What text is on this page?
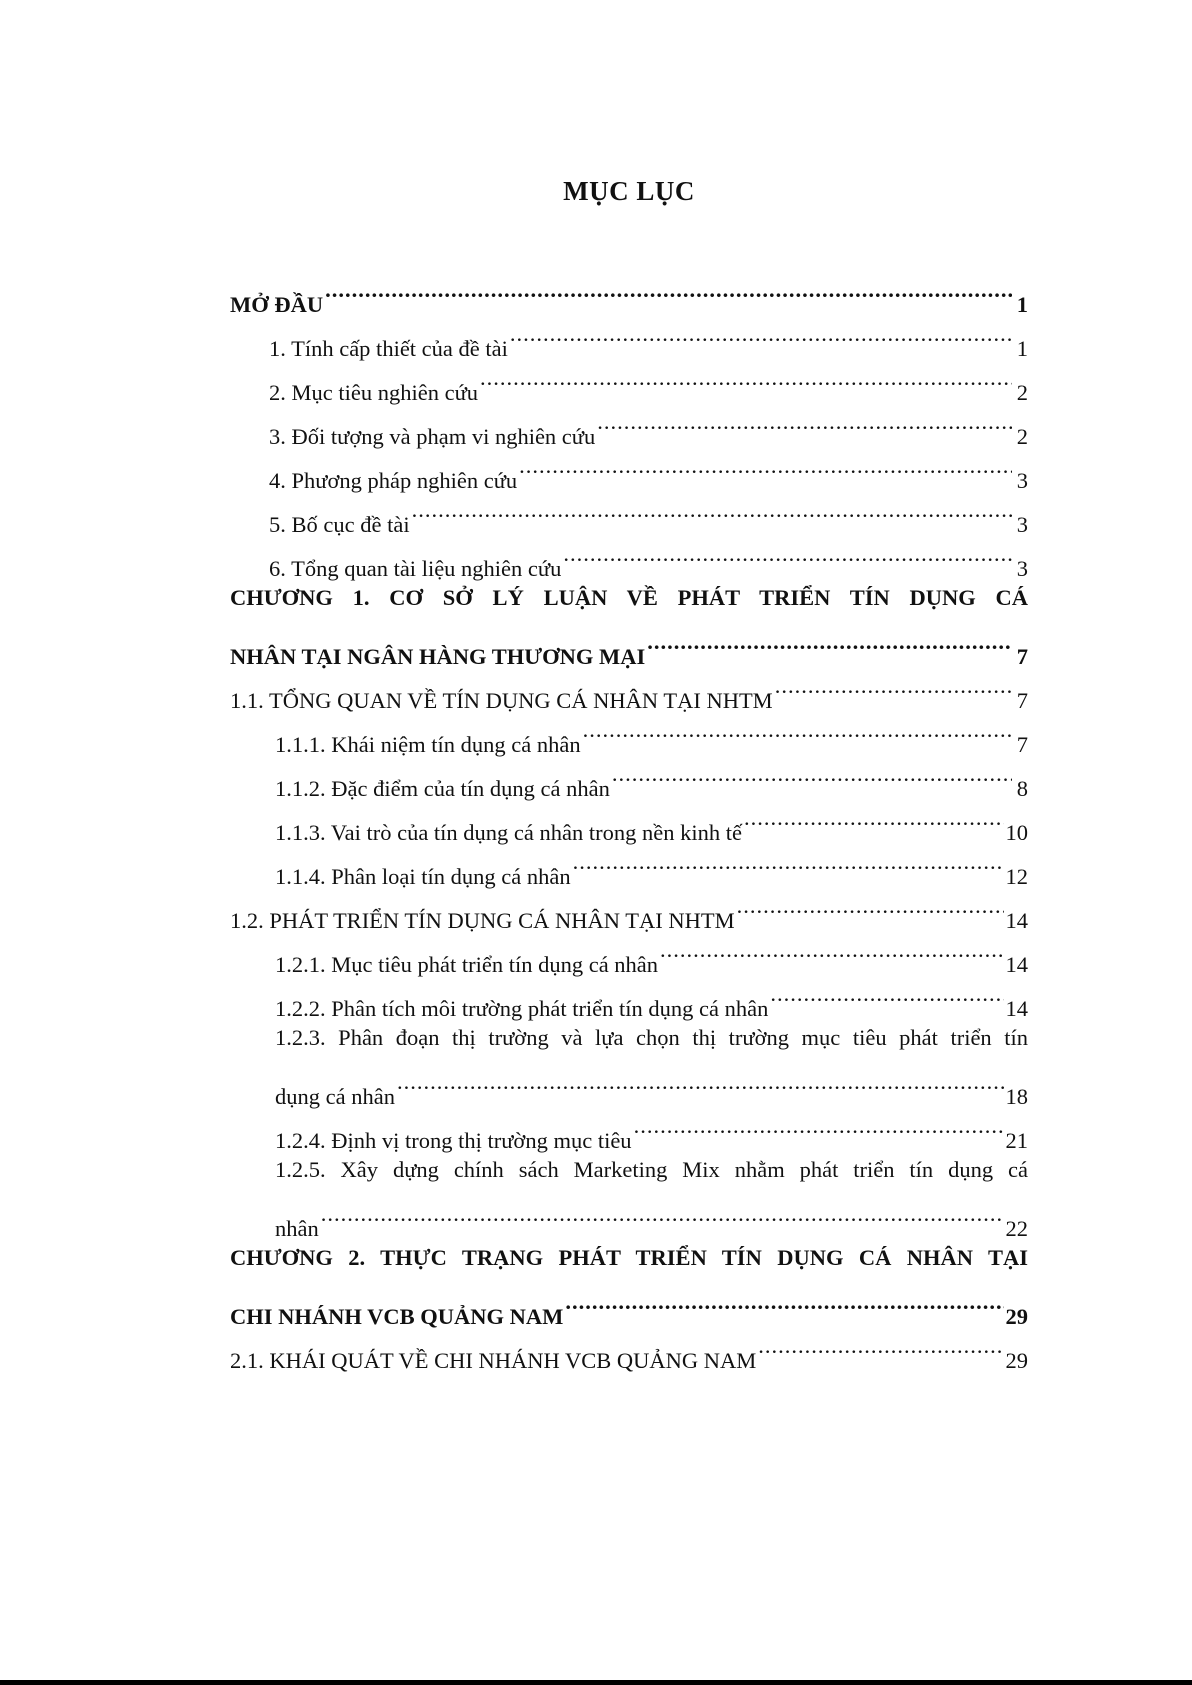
MỤC LỤC
MỞ ĐẦU .....	1
1. Tính cấp thiết của đề tài .....	1
2. Mục tiêu nghiên cứu .....	2
3. Đối tượng và phạm vi nghiên cứu .....	2
4. Phương pháp nghiên cứu .....	3
5. Bố cục đề tài .....	3
6. Tổng quan tài liệu nghiên cứu .....	3
CHƯƠNG 1. CƠ SỞ LÝ LUẬN VỀ PHÁT TRIỂN TÍN DỤNG CÁ
NHÂN TẠI NGÂN HÀNG THƯƠNG MẠI .....	7
1.1. TỔNG QUAN VỀ TÍN DỤNG CÁ NHÂN TẠI NHTM .....	7
1.1.1. Khái niệm tín dụng cá nhân .....	7
1.1.2. Đặc điểm của tín dụng cá nhân .....	8
1.1.3. Vai trò của tín dụng cá nhân trong nền kinh tế .....	10
1.1.4. Phân loại tín dụng cá nhân .....	12
1.2. PHÁT TRIỂN TÍN DỤNG CÁ NHÂN TẠI NHTM .....	14
1.2.1. Mục tiêu phát triển tín dụng cá nhân .....	14
1.2.2. Phân tích môi trường phát triển tín dụng cá nhân .....	14
1.2.3. Phân đoạn thị trường và lựa chọn thị trường mục tiêu phát triển tín
dụng cá nhân .....	18
1.2.4. Định vị trong thị trường mục tiêu .....	21
1.2.5. Xây dựng chính sách Marketing Mix nhằm phát triển tín dụng cá
nhân .....	22
CHƯƠNG 2. THỰC TRẠNG PHÁT TRIỂN TÍN DỤNG CÁ NHÂN TẠI
CHI NHÁNH VCB QUẢNG NAM .....	29
2.1. KHÁI QUÁT VỀ CHI NHÁNH VCB QUẢNG NAM .....	29
